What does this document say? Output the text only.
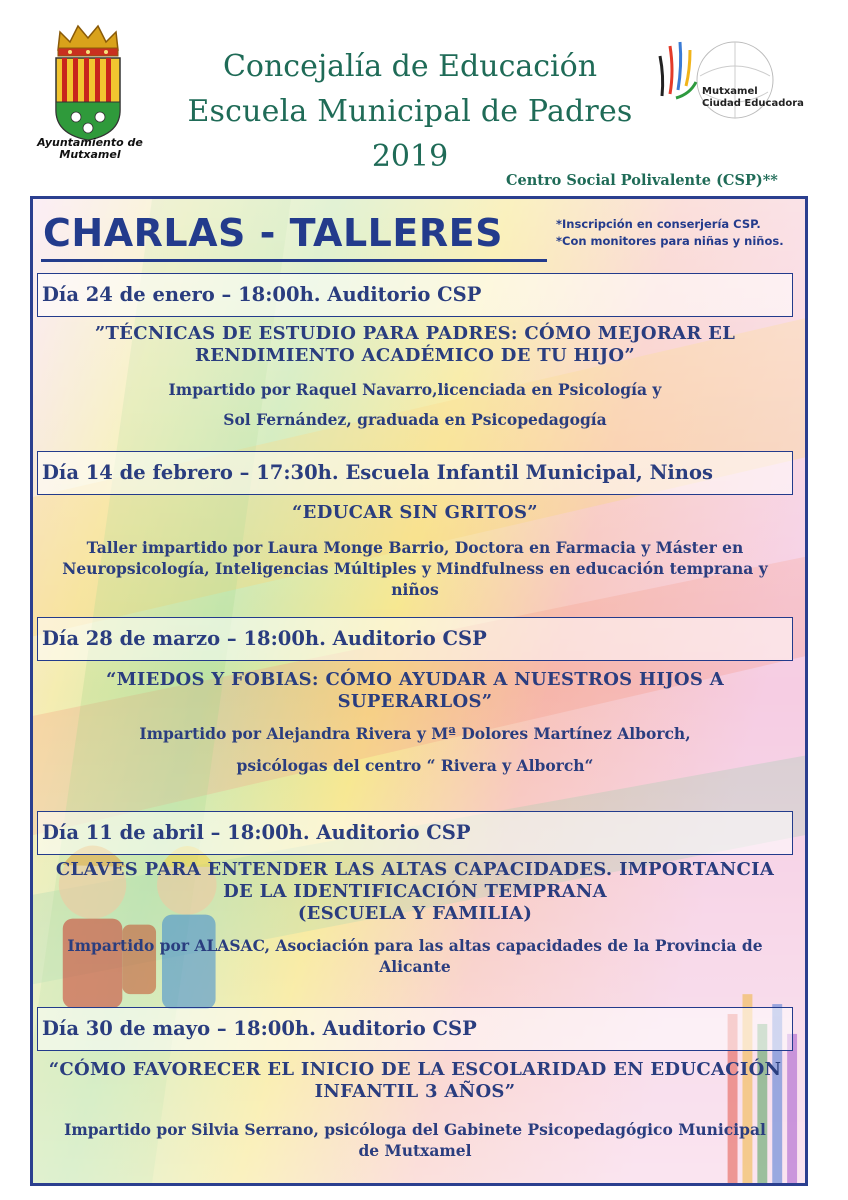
Ayuntamiento de
Mutxamel
Concejalía de Educación
Escuela Municipal de Padres
2019
Mutxamel
Ciudad Educadora
Centro Social Polivalente (CSP)**
CHARLAS - TALLERES	*Inscripción en conserjería CSP.
*Con monitores para niñas y niños.
Día 24 de enero – 18:00h. Auditorio CSP
”TÉCNICAS DE ESTUDIO PARA PADRES: CÓMO MEJORAR EL
RENDIMIENTO ACADÉMICO DE TU HIJO”
Impartido por Raquel Navarro,licenciada en Psicología y
Sol Fernández, graduada en Psicopedagogía
Día 14 de febrero – 17:30h. Escuela Infantil Municipal, Ninos
“EDUCAR SIN GRITOS”
Taller impartido por Laura Monge Barrio, Doctora en Farmacia y Máster en
Neuropsicología, Inteligencias Múltiples y Mindfulness en educación temprana y
niños
Día 28 de marzo – 18:00h. Auditorio CSP
“MIEDOS Y FOBIAS: CÓMO AYUDAR A NUESTROS HIJOS A
SUPERARLOS”
Impartido por Alejandra Rivera y Mª Dolores Martínez Alborch,
psicólogas del centro “ Rivera y Alborch“
Día 11 de abril – 18:00h. Auditorio CSP
CLAVES PARA ENTENDER LAS ALTAS CAPACIDADES. IMPORTANCIA
DE LA IDENTIFICACIÓN TEMPRANA
(ESCUELA Y FAMILIA)
Impartido por ALASAC, Asociación para las altas capacidades de la Provincia de
Alicante
Día 30 de mayo – 18:00h. Auditorio CSP
“CÓMO FAVORECER EL INICIO DE LA ESCOLARIDAD EN EDUCACIÓN
INFANTIL 3 AÑOS”
Impartido por Silvia Serrano, psicóloga del Gabinete Psicopedagógico Municipal
de Mutxamel
